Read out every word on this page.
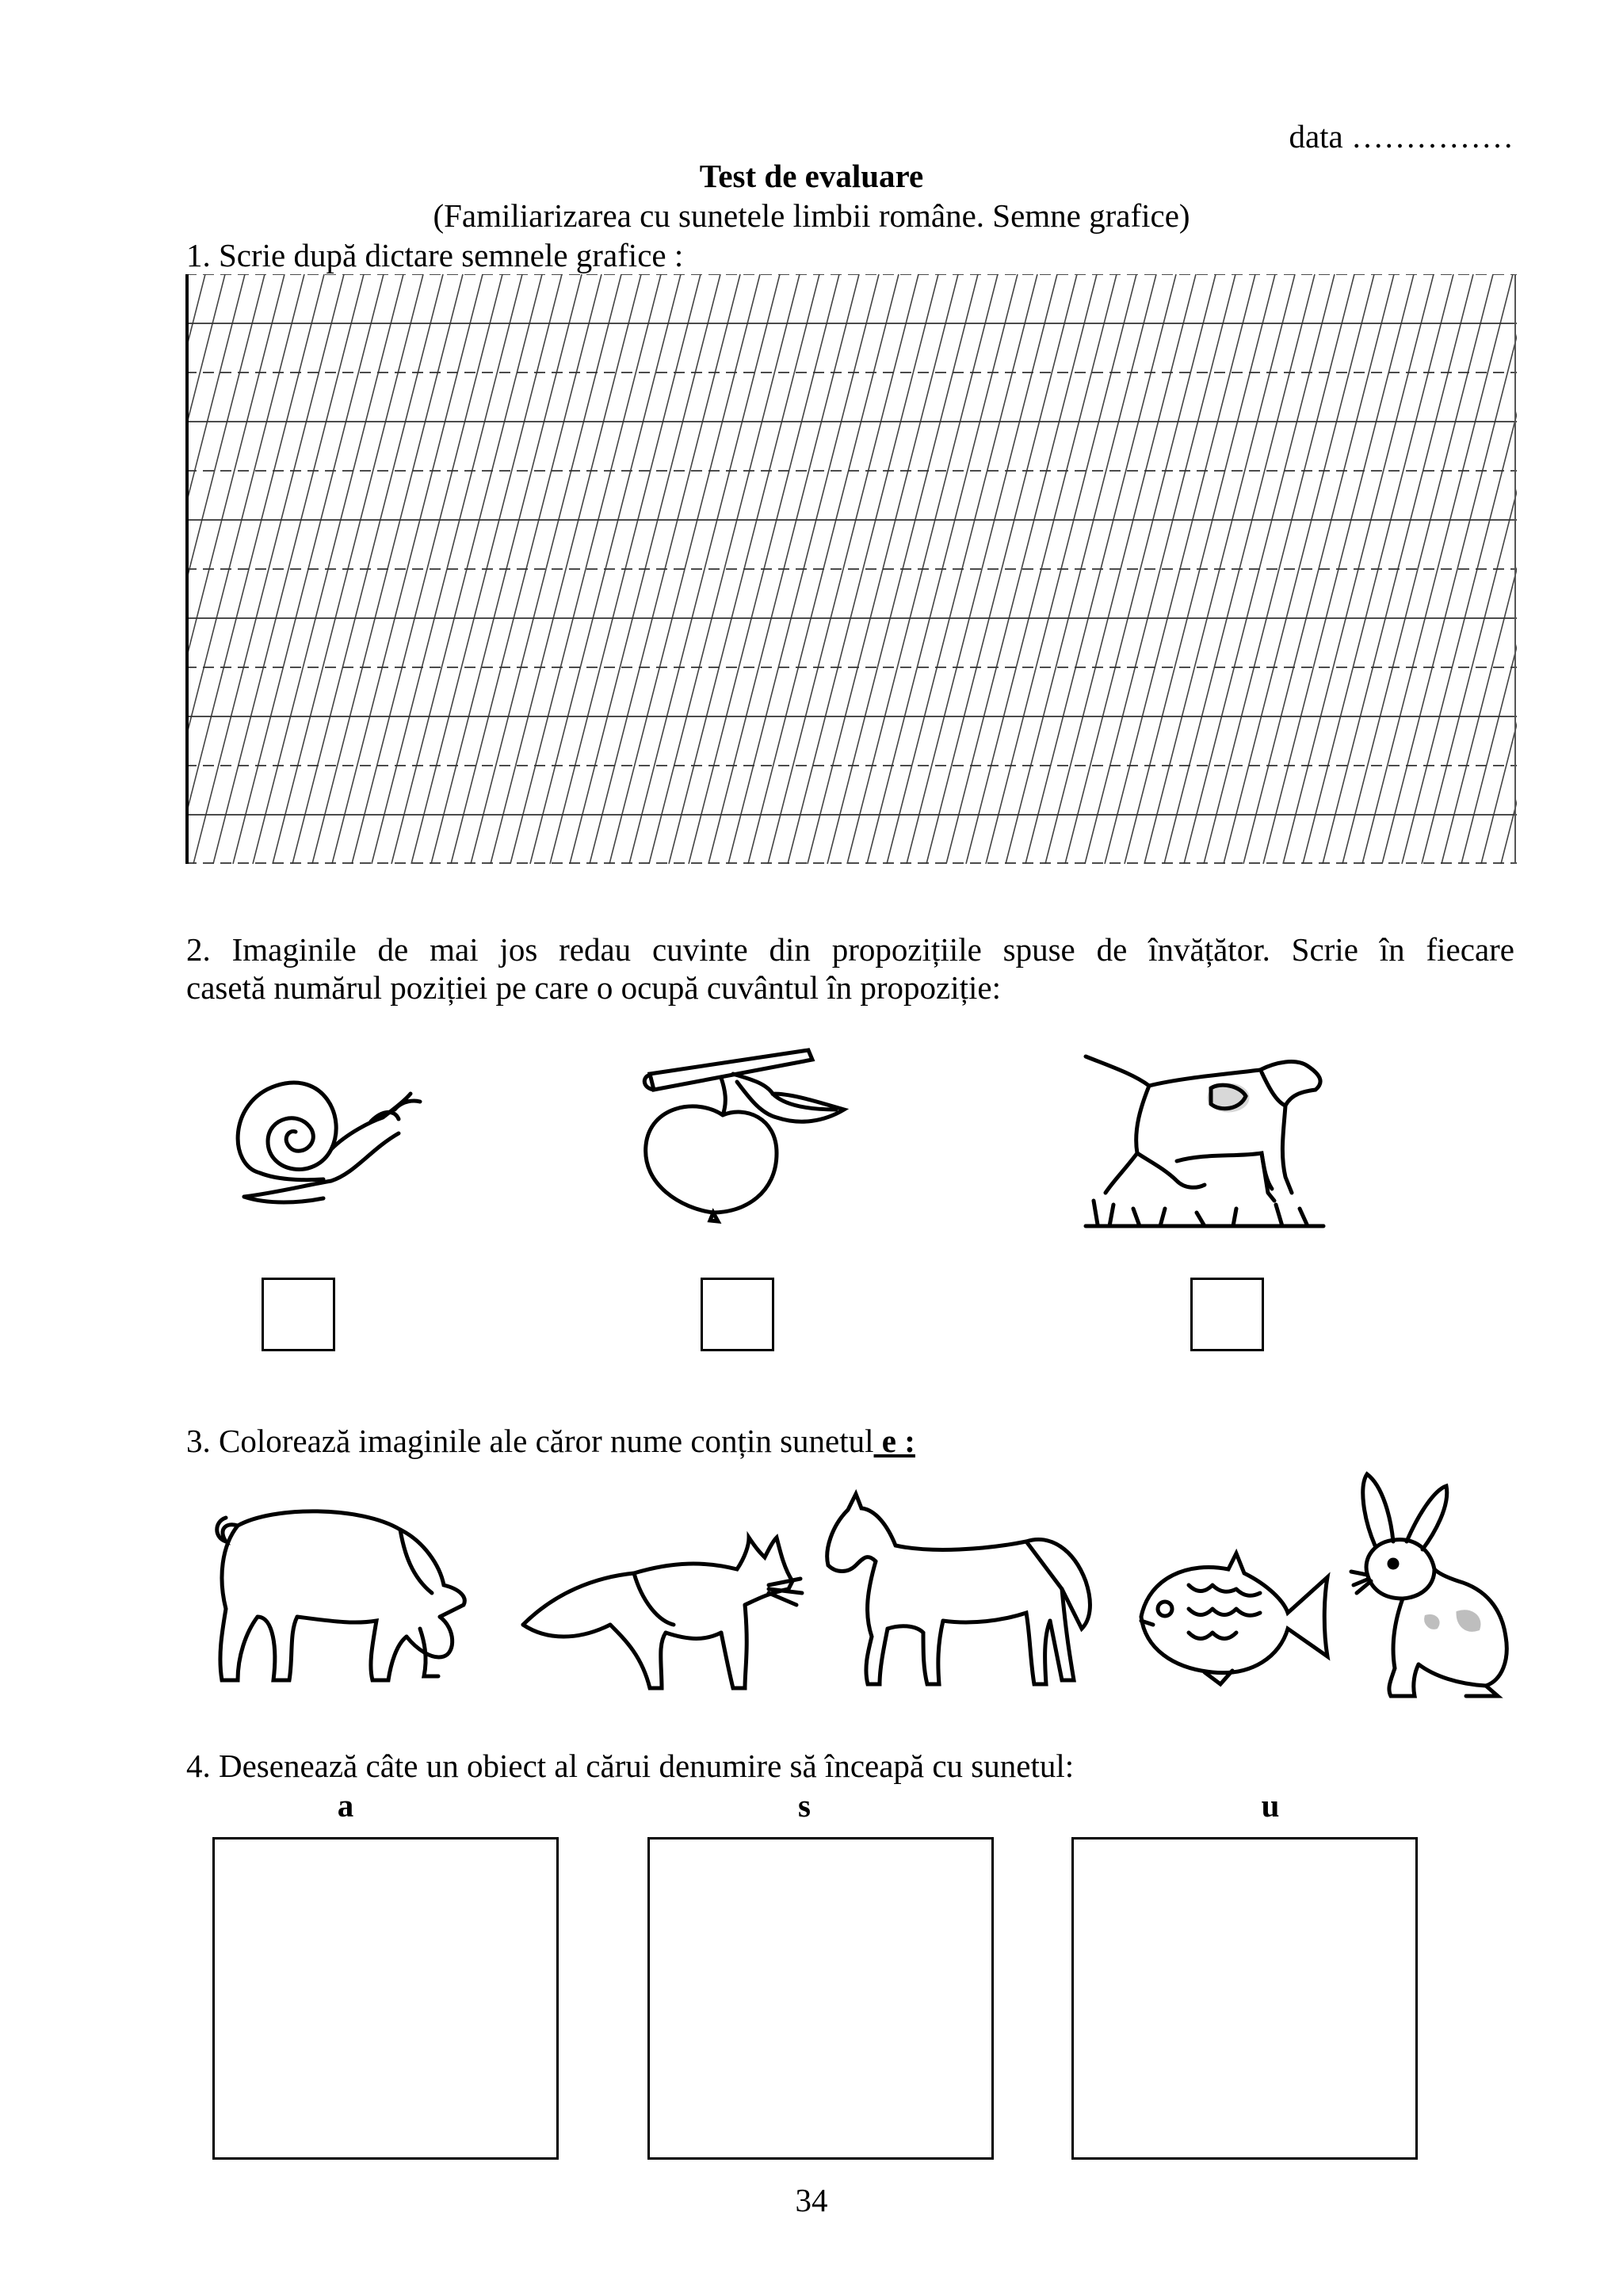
data ……………
Test de evaluare
(Familiarizarea cu sunetele limbii române. Semne grafice)
1. Scrie după dictare semnele grafice :
2. Imaginile de mai jos redau cuvinte din propozițiile spuse de învățător. Scrie în fiecare
casetă numărul poziției pe care o ocupă cuvântul în propoziție:
3. Colorează imaginile ale căror nume conțin sunetul e :
4. Desenează câte un obiect al cărui denumire să înceapă cu sunetul:
a	s	u
34
